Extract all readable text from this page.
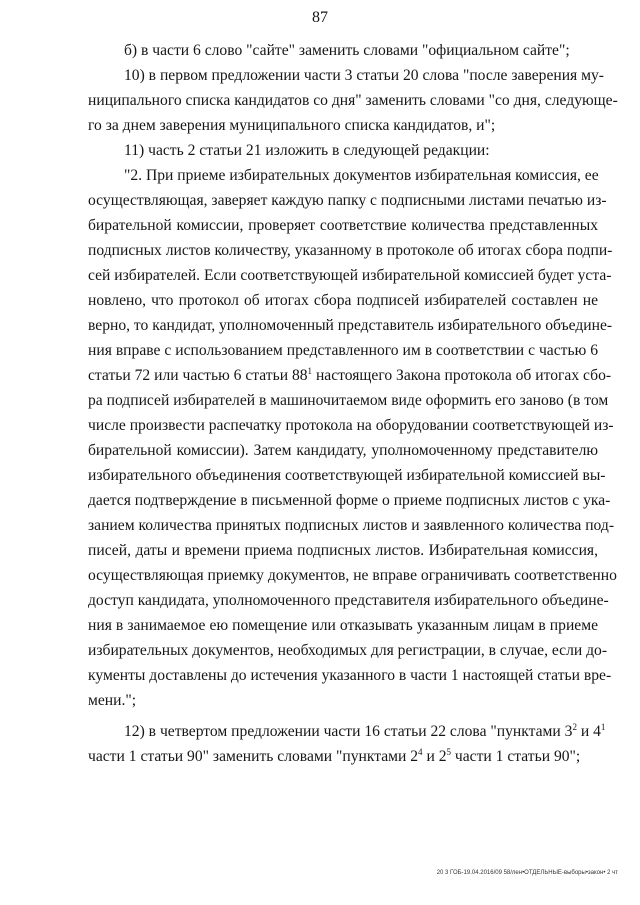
87
б) в части 6 слово "сайте" заменить словами "официальном сайте";
10) в первом предложении части 3 статьи 20 слова "после заверения му-
ниципального списка кандидатов со дня" заменить словами "со дня, следующе-
го за днем заверения муниципального списка кандидатов, и";
11) часть 2 статьи 21 изложить в следующей редакции:
"2. При приеме избирательных документов избирательная комиссия, ее
осуществляющая, заверяет каждую папку с подписными листами печатью из-
бирательной комиссии, проверяет соответствие количества представленных
подписных листов количеству, указанному в протоколе об итогах сбора подпи-
сей избирателей. Если соответствующей избирательной комиссией будет уста-
новлено, что протокол об итогах сбора подписей избирателей составлен не
верно, то кандидат, уполномоченный представитель избирательного объедине-
ния вправе с использованием представленного им в соответствии с частью 6
статьи 72 или частью 6 статьи $88^1$ настоящего Закона протокола об итогах сбо-
ра подписей избирателей в машиночитаемом виде оформить его заново (в том
числе произвести распечатку протокола на оборудовании соответствующей из-
бирательной комиссии). Затем кандидату, уполномоченному представителю
избирательного объединения соответствующей избирательной комиссией вы-
дается подтверждение в письменной форме о приеме подписных листов с ука-
занием количества принятых подписных листов и заявленного количества под-
писей, даты и времени приема подписных листов. Избирательная комиссия,
осуществляющая приемку документов, не вправе ограничивать соответственно
доступ кандидата, уполномоченного представителя избирательного объедине-
ния в занимаемое ею помещение или отказывать указанным лицам в приеме
избирательных документов, необходимых для регистрации, в случае, если до-
кументы доставлены до истечения указанного в части 1 настоящей статьи вре-
мени.";
12) в четвертом предложении части 16 статьи 22 слова "пунктами $3^2$ и $4^1$
части 1 статьи 90" заменить словами "пунктами $2^4$ и $2^5$ части 1 статьи 90";
20 3 ГОБ-19.04.2016/09 58/лен•ОТДЕЛЬНЫЕ-выборы•закон• 2 чт
